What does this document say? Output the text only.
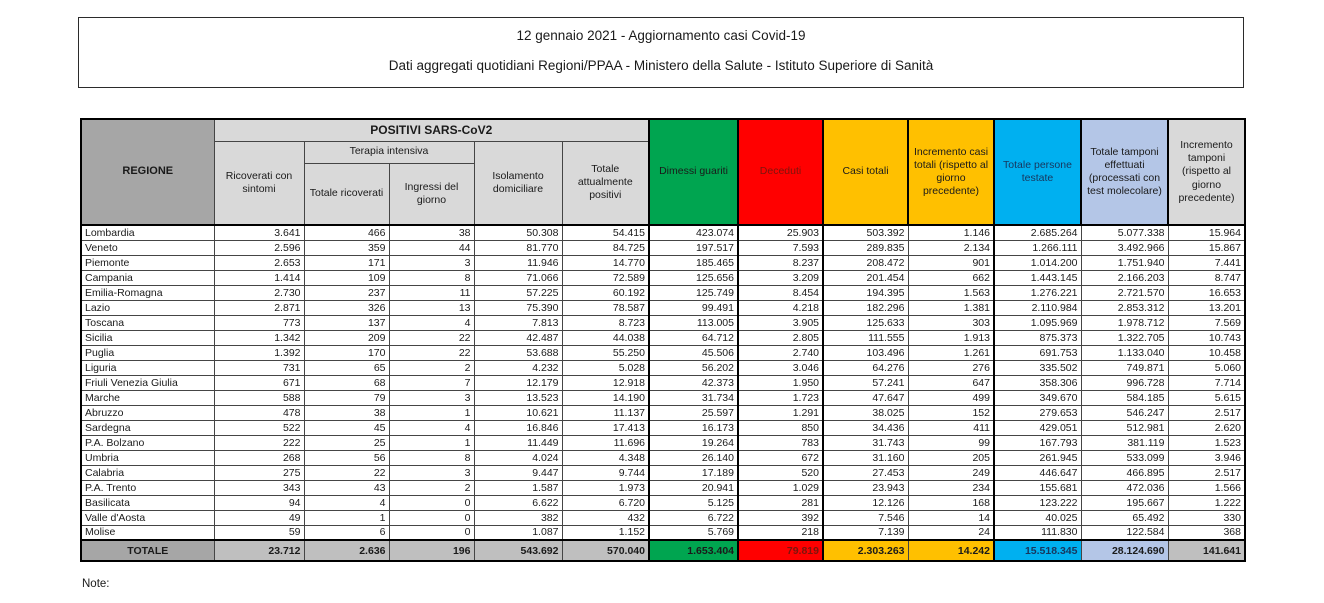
12 gennaio 2021 - Aggiornamento casi Covid-19
Dati aggregati quotidiani Regioni/PPAA - Ministero della Salute - Istituto Superiore di Sanità
REGIONE	POSITIVI SARS-CoV2					Dimessi guariti	Deceduti	Casi totali	Incremento casi totali (rispetto al giorno precedente)	Totale persone testate	Totale tamponi effettuati (processati con test molecolare)	Incremento tamponi (rispetto al giorno precedente)
	Ricoverati con sintomi	Terapia intensiva		Isolamento domiciliare	Totale attualmente positivi							
		Totale ricoverati	Ingressi del giorno									
Lombardia	3.641	466	38	50.308	54.415	423.074	25.903	503.392	1.146	2.685.264	5.077.338	15.964
Veneto	2.596	359	44	81.770	84.725	197.517	7.593	289.835	2.134	1.266.111	3.492.966	15.867
Piemonte	2.653	171	3	11.946	14.770	185.465	8.237	208.472	901	1.014.200	1.751.940	7.441
Campania	1.414	109	8	71.066	72.589	125.656	3.209	201.454	662	1.443.145	2.166.203	8.747
Emilia-Romagna	2.730	237	11	57.225	60.192	125.749	8.454	194.395	1.563	1.276.221	2.721.570	16.653
Lazio	2.871	326	13	75.390	78.587	99.491	4.218	182.296	1.381	2.110.984	2.853.312	13.201
Toscana	773	137	4	7.813	8.723	113.005	3.905	125.633	303	1.095.969	1.978.712	7.569
Sicilia	1.342	209	22	42.487	44.038	64.712	2.805	111.555	1.913	875.373	1.322.705	10.743
Puglia	1.392	170	22	53.688	55.250	45.506	2.740	103.496	1.261	691.753	1.133.040	10.458
Liguria	731	65	2	4.232	5.028	56.202	3.046	64.276	276	335.502	749.871	5.060
Friuli Venezia Giulia	671	68	7	12.179	12.918	42.373	1.950	57.241	647	358.306	996.728	7.714
Marche	588	79	3	13.523	14.190	31.734	1.723	47.647	499	349.670	584.185	5.615
Abruzzo	478	38	1	10.621	11.137	25.597	1.291	38.025	152	279.653	546.247	2.517
Sardegna	522	45	4	16.846	17.413	16.173	850	34.436	411	429.051	512.981	2.620
P.A. Bolzano	222	25	1	11.449	11.696	19.264	783	31.743	99	167.793	381.119	1.523
Umbria	268	56	8	4.024	4.348	26.140	672	31.160	205	261.945	533.099	3.946
Calabria	275	22	3	9.447	9.744	17.189	520	27.453	249	446.647	466.895	2.517
P.A. Trento	343	43	2	1.587	1.973	20.941	1.029	23.943	234	155.681	472.036	1.566
Basilicata	94	4	0	6.622	6.720	5.125	281	12.126	168	123.222	195.667	1.222
Valle d'Aosta	49	1	0	382	432	6.722	392	7.546	14	40.025	65.492	330
Molise	59	6	0	1.087	1.152	5.769	218	7.139	24	111.830	122.584	368
TOTALE	23.712	2.636	196	543.692	570.040	1.653.404	79.819	2.303.263	14.242	15.518.345	28.124.690	141.641
Note:
